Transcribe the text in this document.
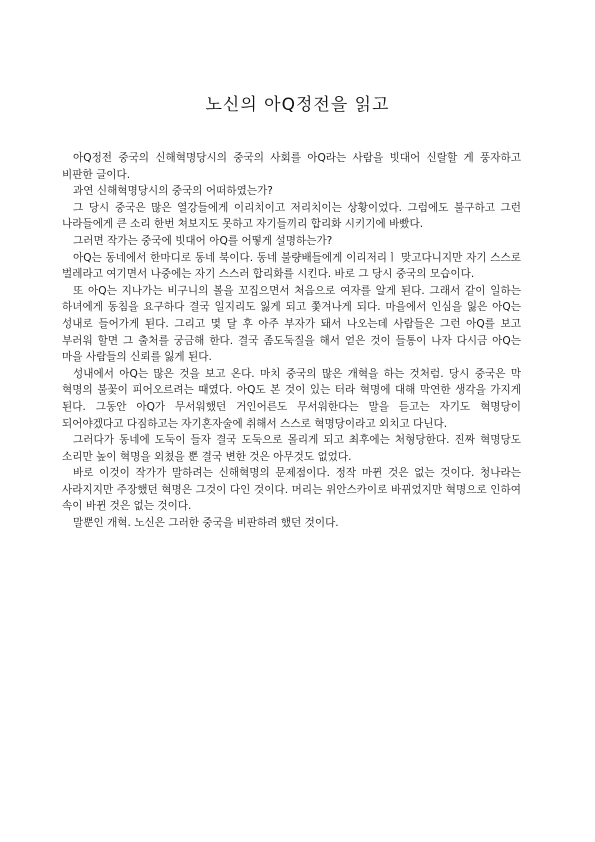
노신의 아Q정전을 읽고

아Q정전 중국의 신해혁명당시의 중국의 사회를 아Q라는 사람을 빗대어 신랄할 게 풍자하고 비판한 글이다.

과연 신해혁명당시의 중국의 어떠하였는가?

그 당시 중국은 많은 열강들에게 이리치이고 저리치이는 상황이었다. 그럼에도 불구하고 그런 나라들에게 큰 소리 한번 쳐보지도 못하고 자기들끼리 합리화 시키기에 바빴다.

그러면 작가는 중국에 빗대어 아Q를 어떻게 설명하는가?

아Q는 동네에서 한마디로 동네 북이다. 동네 불량배들에게 이리저리ㅣ 맞고다니지만 자기 스스로 벌레라고 여기면서 나중에는 자기 스스러 합리화를 시킨다. 바로 그 당시 중국의 모습이다.

또 아Q는 지나가는 비구니의 볼을 꼬집으면서 처음으로 여자를 알게 된다. 그래서 같이 일하는 하녀에게 동침을 요구하다 결국 일지리도 잃게 되고 쫓겨나게 되다. 마을에서 인심을 잃은 아Q는 성내로 들어가게 된다. 그리고 몇 달 후 아주 부자가 돼서 나오는데 사람들은 그런 아Q를 보고 부러워 할면 그 출처를 궁금해 한다. 결국 좀도둑질을 해서 얻은 것이 들통이 나자 다시금 아Q는 마을 사람들의 신뢰를 잃게 된다.

성내에서 아Q는 많은 것을 보고 온다. 마치 중국의 많은 개혁을 하는 것처럼. 당시 중국은 막 혁명의 불꽃이 피어오르려는 때였다. 아Q도 본 것이 있는 터라 혁명에 대해 막연한 생각을 가지게 된다. 그동안 아Q가 무서워했던 거인어른도 무서워한다는 말을 듣고는 자기도 혁명당이 되어야겠다고 다짐하고는 자기혼자술에 취해서 스스로 혁명당이라고 외치고 다닌다.

그러다가 동네에 도둑이 들자 결국 도둑으로 몰리게 되고 최후에는 처형당한다. 진짜 혁명당도 소리만 높이 혁명을 외쳤을 뿐 결국 변한 것은 아무것도 없었다.

바로 이것이 작가가 말하려는 신해혁명의 문제점이다. 정작 마뀐 것은 없는 것이다. 청나라는 사라지지만 주장했던 혁명은 그것이 다인 것이다. 머리는 위안스카이로 바뀌었지만 혁명으로 인하여 속이 바뀐 것은 없는 것이다.

말뿐인 개혁. 노신은 그러한 중국을 비판하려 했던 것이다.
